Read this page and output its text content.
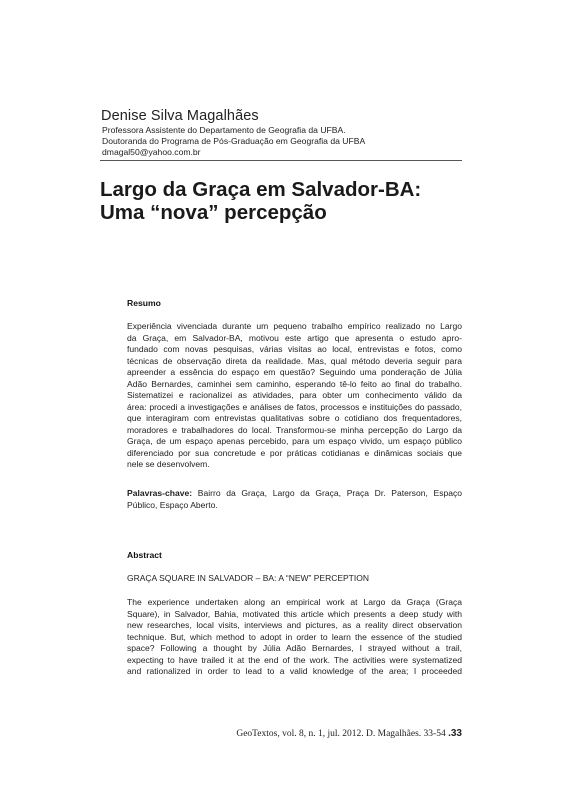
Denise Silva Magalhães
Professora Assistente do Departamento de Geografia da UFBA.
Doutoranda do Programa de Pós-Graduação em Geografia da UFBA
dmagal50@yahoo.com.br
Largo da Graça em Salvador-BA:
Uma “nova” percepção
Resumo
Experiência vivenciada durante um pequeno trabalho empírico realizado no Largo
da Graça, em Salvador-BA, motivou este artigo que apresenta o estudo apro-
fundado com novas pesquisas, várias visitas ao local, entrevistas e fotos, como
técnicas de observação direta da realidade. Mas, qual método deveria seguir para
apreender a essência do espaço em questão? Seguindo uma ponderação de Júlia
Adão Bernardes, caminhei sem caminho, esperando tê-lo feito ao final do trabalho.
Sistematizei e racionalizei as atividades, para obter um conhecimento válido da
área: procedi a investigações e análises de fatos, processos e instituições do passado,
que interagiram com entrevistas qualitativas sobre o cotidiano dos frequentadores,
moradores e trabalhadores do local. Transformou-se minha percepção do Largo da
Graça, de um espaço apenas percebido, para um espaço vivido, um espaço público
diferenciado por sua concretude e por práticas cotidianas e dinâmicas sociais que
nele se desenvolvem.
Palavras-chave: Bairro da Graça, Largo da Graça, Praça Dr. Paterson, Espaço
Público, Espaço Aberto.
Abstract
GRAÇA SQUARE IN SALVADOR – BA: A “NEW” PERCEPTION
The experience undertaken along an empirical work at Largo da Graça (Graça
Square), in Salvador, Bahia, motivated this article which presents a deep study with
new researches, local visits, interviews and pictures, as a reality direct observation
technique. But, which method to adopt in order to learn the essence of the studied
space? Following a thought by Júlia Adão Bernardes, I strayed without a trail,
expecting to have trailed it at the end of the work. The activities were systematized
and rationalized in order to lead to a valid knowledge of the area; I proceeded
GeoTextos, vol. 8, n. 1, jul. 2012. D. Magalhães. 33-54 .33
